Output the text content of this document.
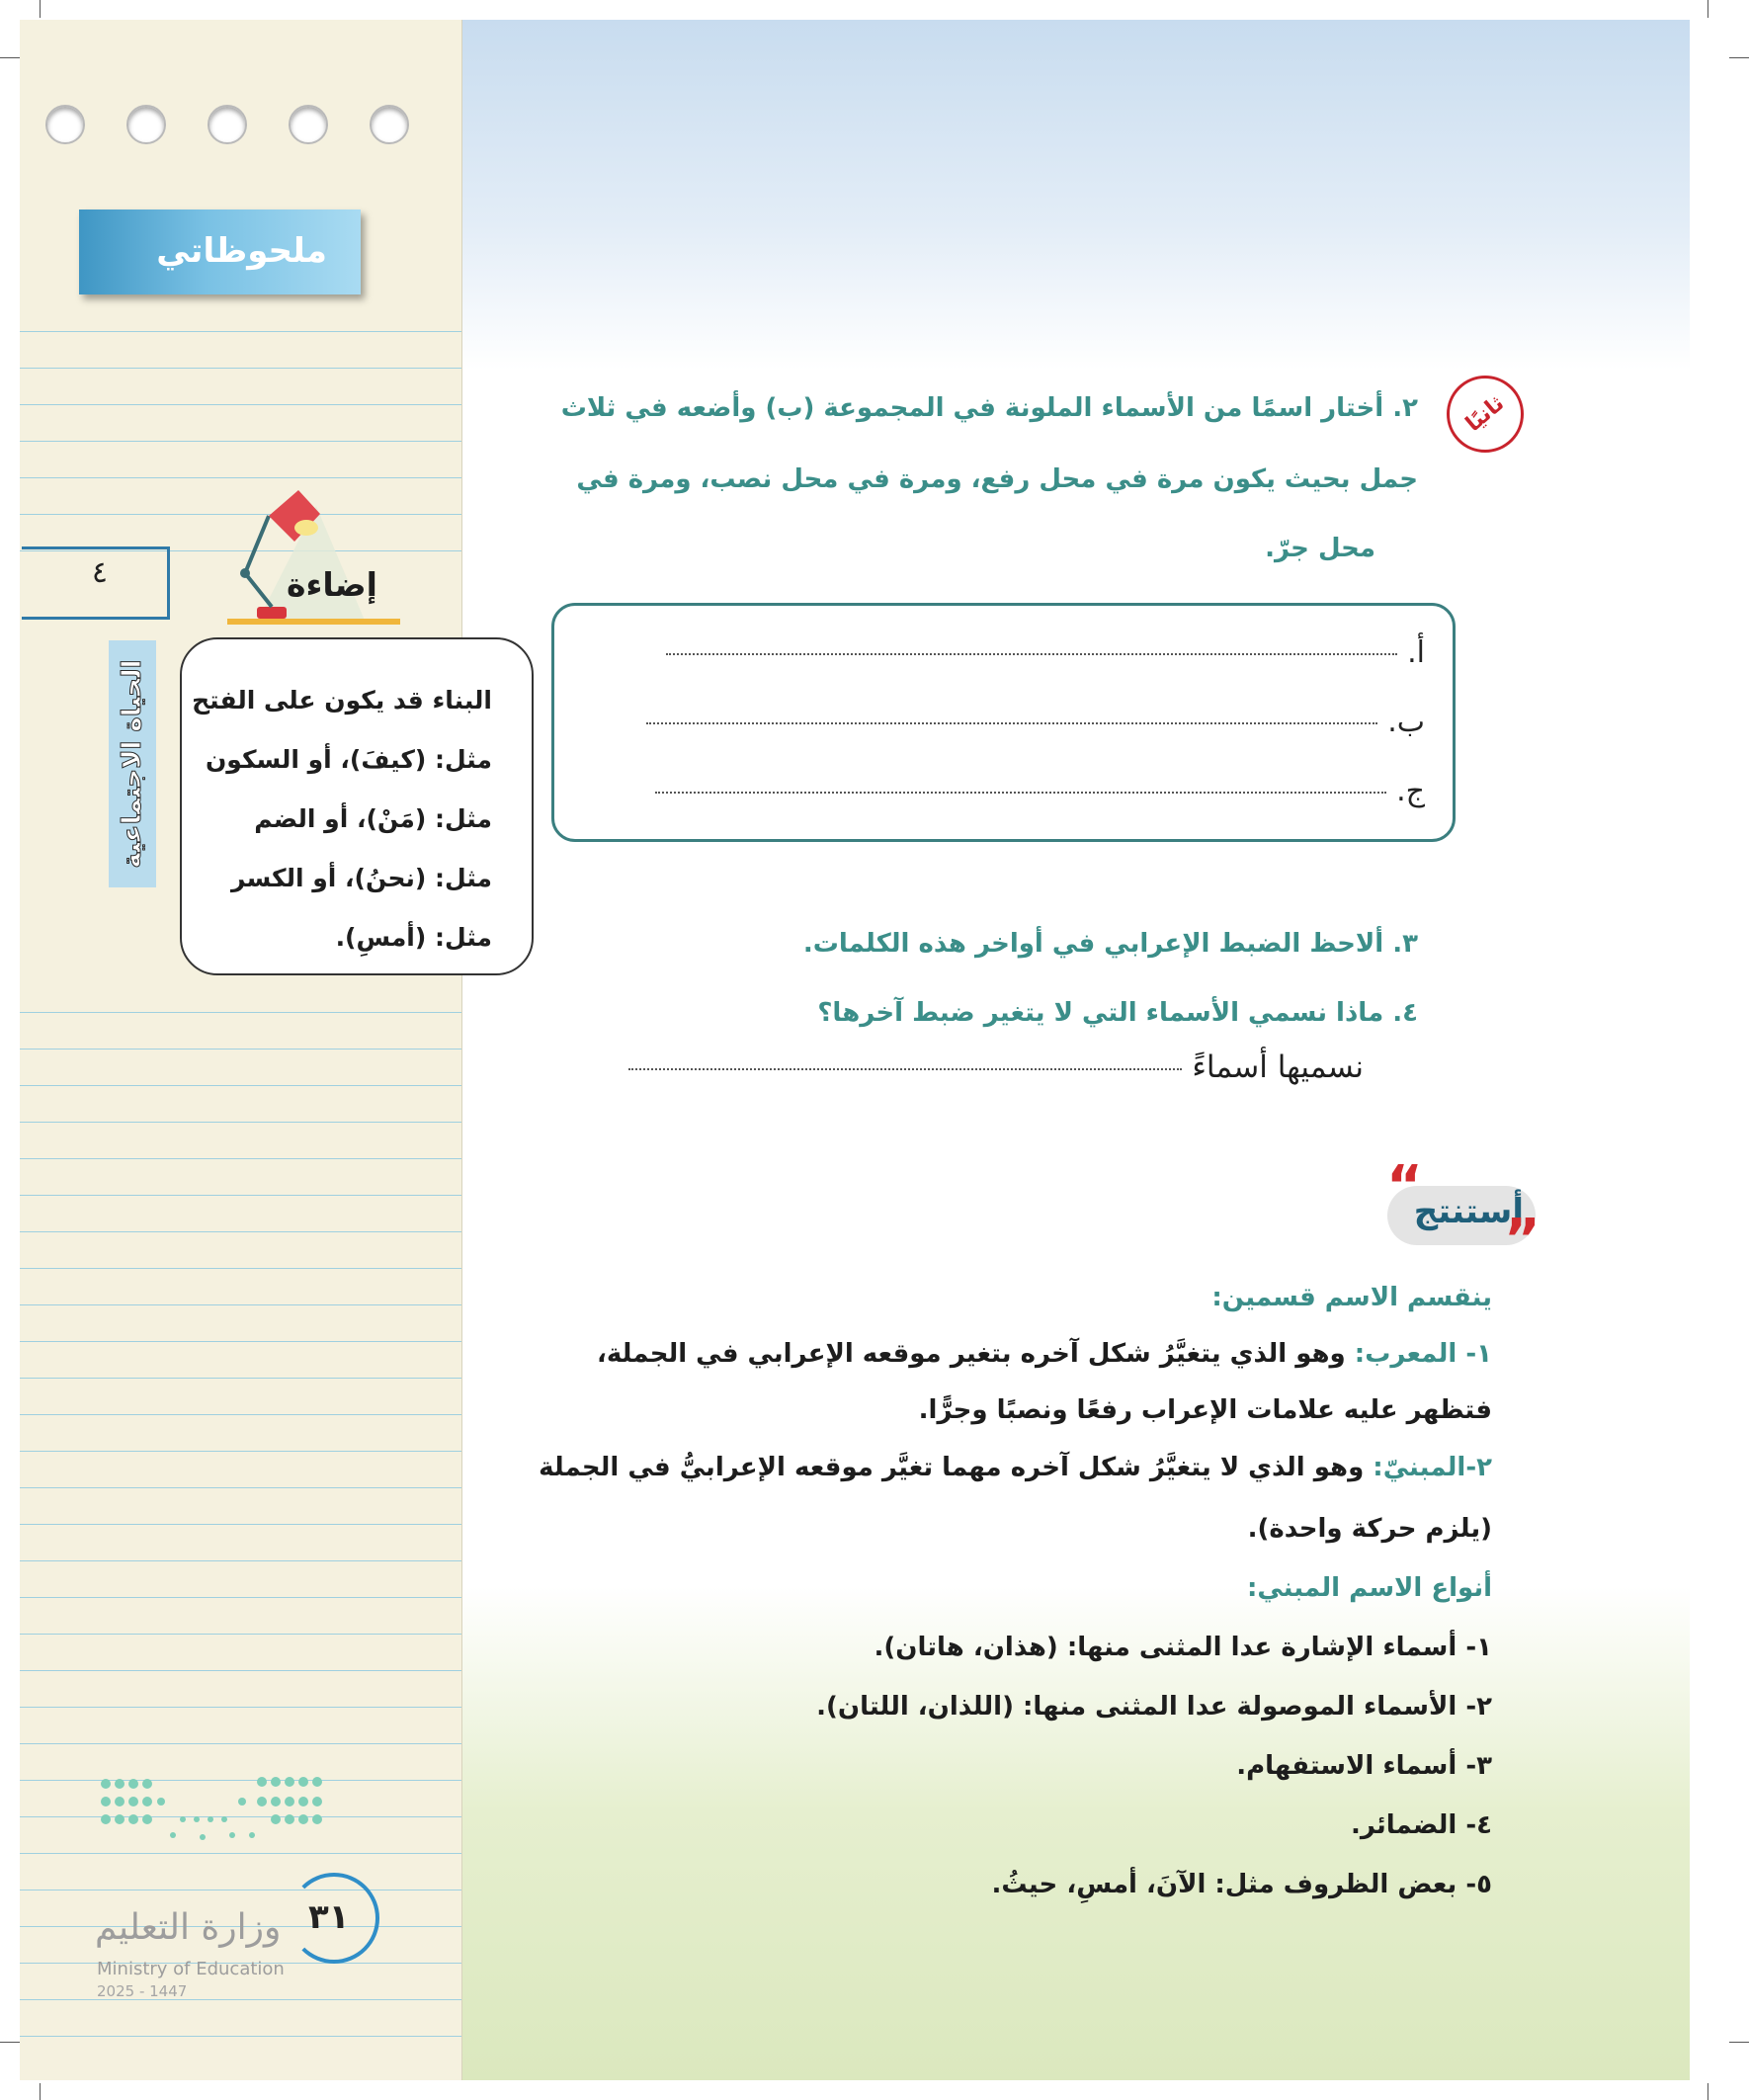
ملحوظاتي
٤
الحياة الاجتماعية
إضاءة
البناء قد يكون على الفتح
مثل: (كيفَ)، أو السكون
مثل: (مَنْ)، أو الضم
مثل: (نحنُ)، أو الكسر
مثل: (أمسِ).
٣١
وزارة التعليم
Ministry of Education
2025 - 1447
ثانيًا
٢. أختار اسمًا من الأسماء الملونة في المجموعة (ب) وأضعه في ثلاث
جمل بحيث يكون مرة في محل رفع، ومرة في محل نصب، ومرة في
محل جرّ.
أ.
ب.
ج.
٣. ألاحظ الضبط الإعرابي في أواخر هذه الكلمات.
٤. ماذا نسمي الأسماء التي لا يتغير ضبط آخرها؟
نسميها أسماءً
أستنتج
“
”
ينقسم الاسم قسمين:
١- المعرب: وهو الذي يتغيَّرُ شكل آخره بتغير موقعه الإعرابي في الجملة،
فتظهر عليه علامات الإعراب رفعًا ونصبًا وجرًّا.
٢-المبنيّ: وهو الذي لا يتغيَّرُ شكل آخره مهما تغيَّر موقعه الإعرابيُّ في الجملة
(يلزم حركة واحدة).
أنواع الاسم المبني:
١- أسماء الإشارة عدا المثنى منها: (هذان، هاتان).
٢- الأسماء الموصولة عدا المثنى منها: (اللذان، اللتان).
٣- أسماء الاستفهام.
٤- الضمائر.
٥- بعض الظروف مثل: الآنَ، أمسِ، حيثُ.
